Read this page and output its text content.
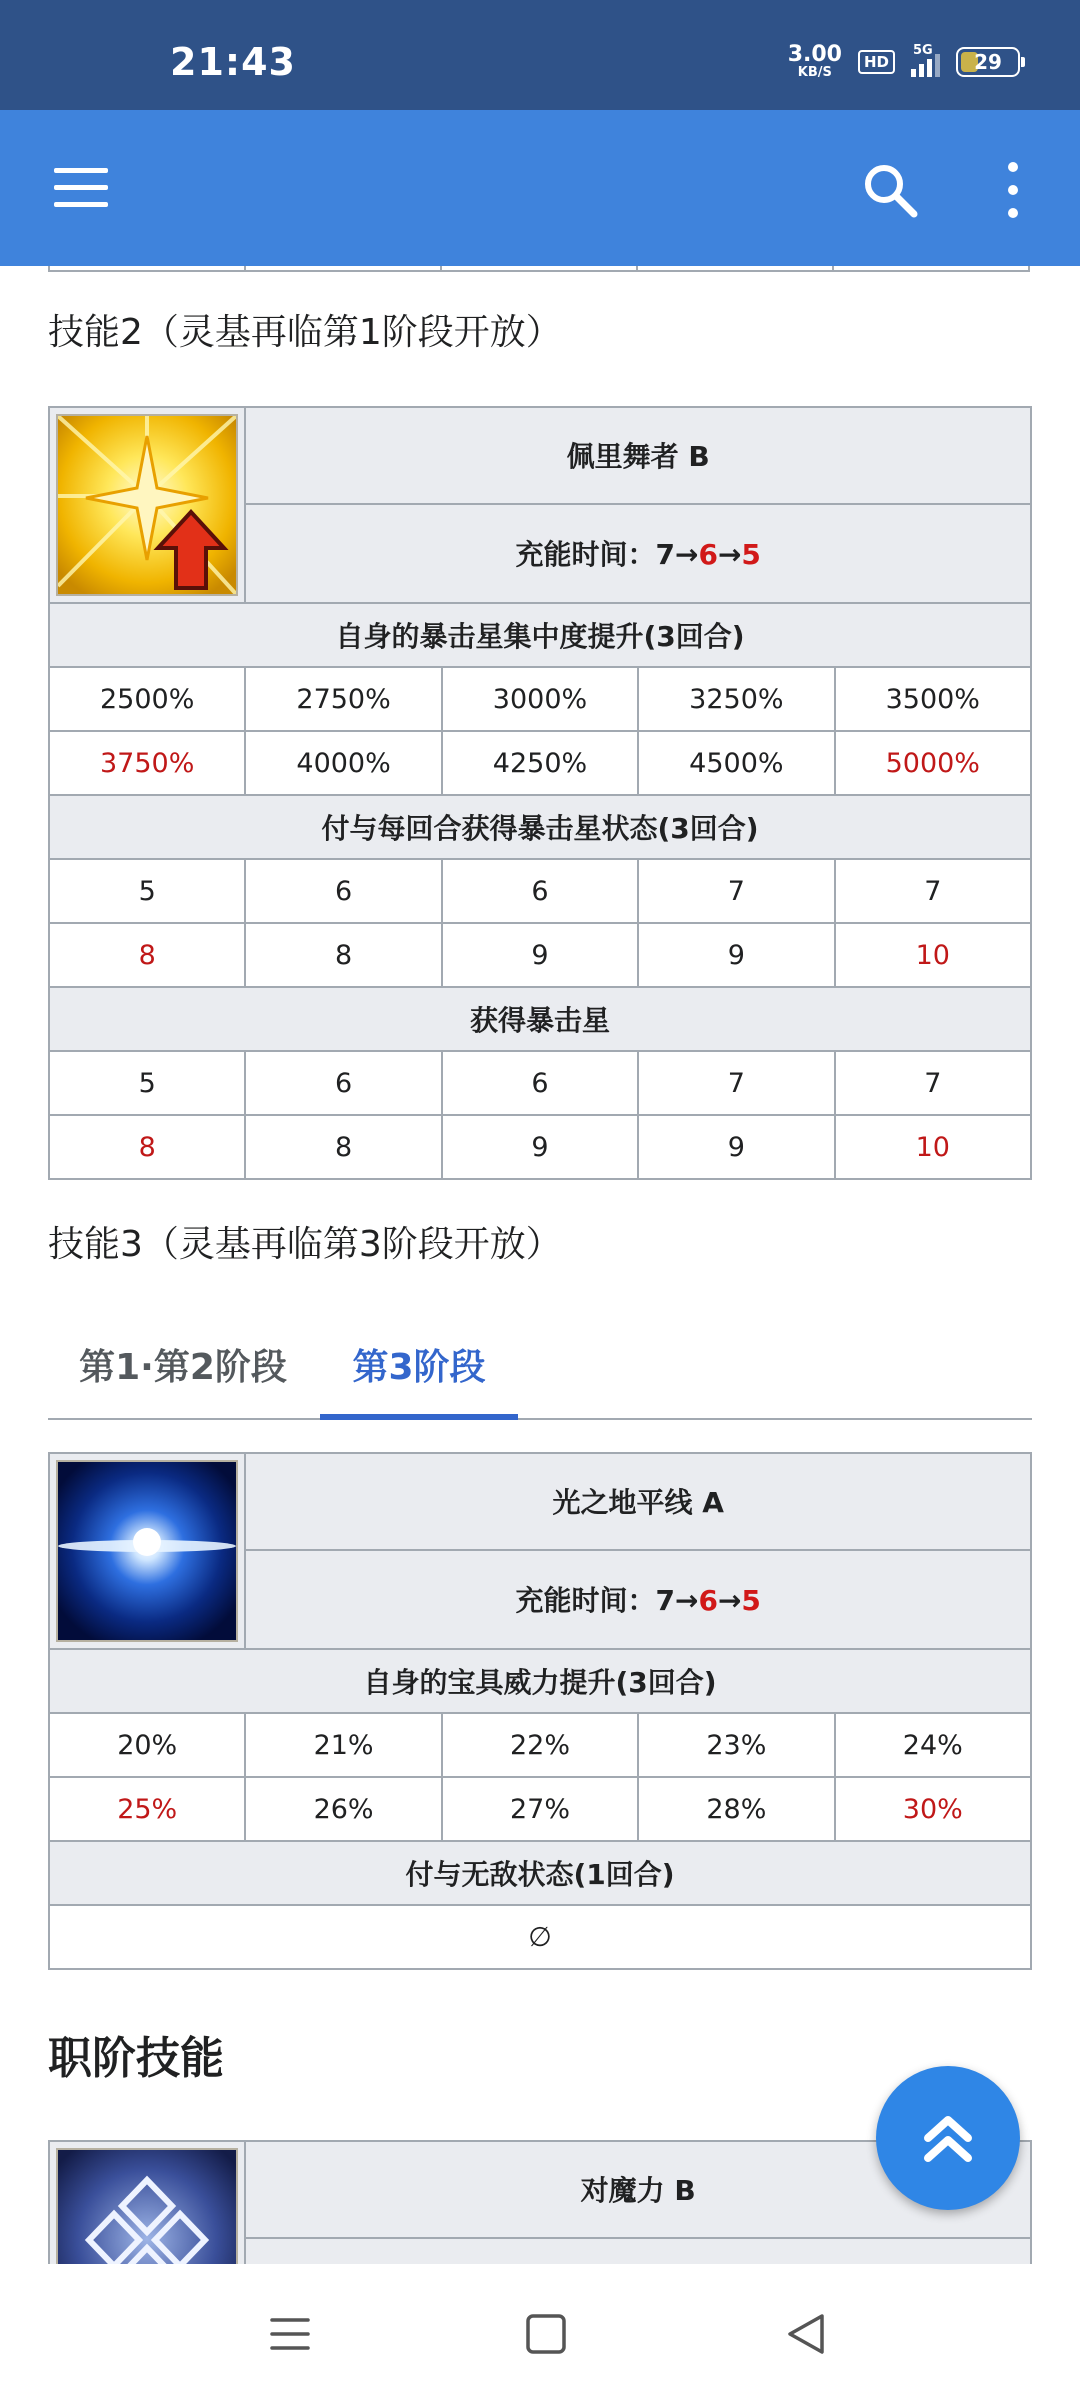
21:43	3.00
KB/S
HD
5G	29
技能2（灵基再临第1阶段开放）
	佩里舞者 B			
	充能时间：7→6→5			
自身的暴击星集中度提升(3回合)				
2500%	2750%	3000%	3250%	3500%
3750%	4000%	4250%	4500%	5000%
付与每回合获得暴击星状态(3回合)				
5	6	6	7	7
8	8	9	9	10
获得暴击星				
5	6	6	7	7
8	8	9	9	10
技能3（灵基再临第3阶段开放）
第1·第2阶段	第3阶段
	光之地平线 A			
	充能时间：7→6→5			
自身的宝具威力提升(3回合)				
20%	21%	22%	23%	24%
25%	26%	27%	28%	30%
付与无敌状态(1回合)				
∅				
职阶技能
	对魔力 B
